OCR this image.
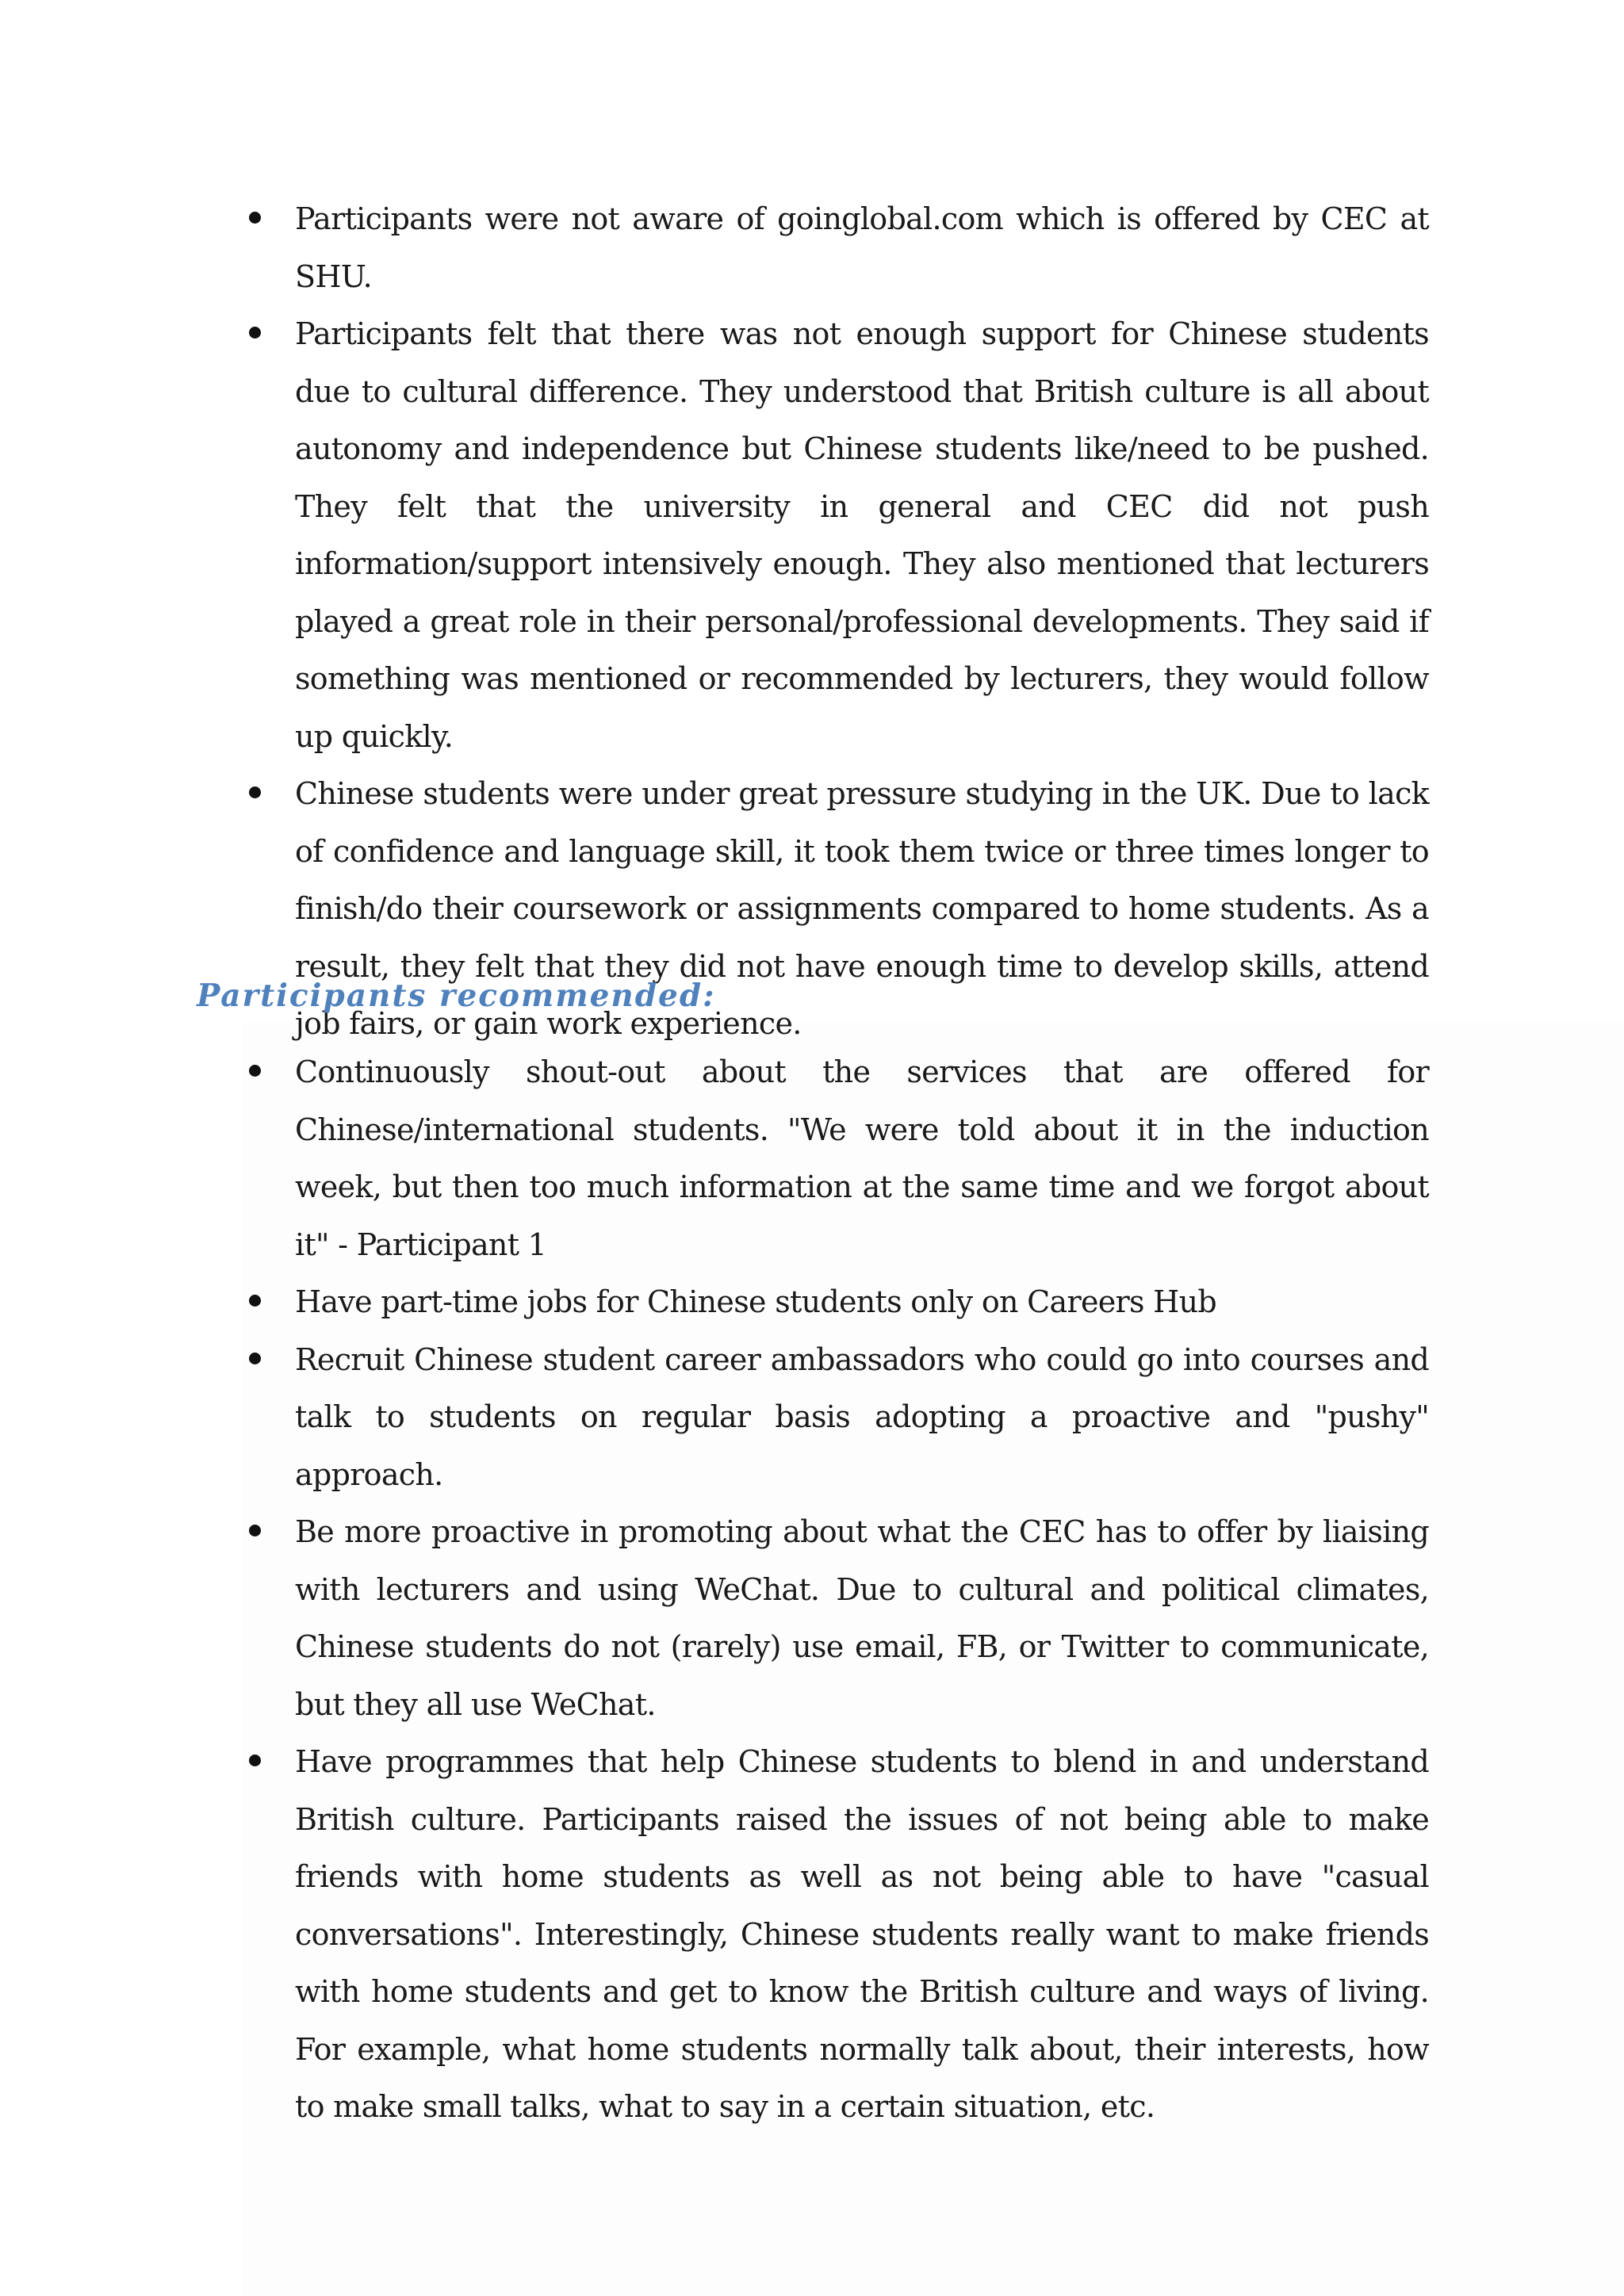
Participants were not aware of goinglobal.com which is offered by CEC at SHU.
Participants felt that there was not enough support for Chinese students due to cultural difference. They understood that British culture is all about autonomy and independence but Chinese students like/need to be pushed. They felt that the university in general and CEC did not push information/support intensively enough. They also mentioned that lecturers played a great role in their personal/professional developments. They said if something was mentioned or recommended by lecturers, they would follow up quickly.
Chinese students were under great pressure studying in the UK. Due to lack of confidence and language skill, it took them twice or three times longer to finish/do their coursework or assignments compared to home students. As a result, they felt that they did not have enough time to develop skills, attend job fairs, or gain work experience.
Participants recommended:
Continuously shout-out about the services that are offered for Chinese/international students. "We were told about it in the induction week, but then too much information at the same time and we forgot about it" - Participant 1
Have part-time jobs for Chinese students only on Careers Hub
Recruit Chinese student career ambassadors who could go into courses and talk to students on regular basis adopting a proactive and "pushy" approach.
Be more proactive in promoting about what the CEC has to offer by liaising with lecturers and using WeChat. Due to cultural and political climates, Chinese students do not (rarely) use email, FB, or Twitter to communicate, but they all use WeChat.
Have programmes that help Chinese students to blend in and understand British culture. Participants raised the issues of not being able to make friends with home students as well as not being able to have "casual conversations". Interestingly, Chinese students really want to make friends with home students and get to know the British culture and ways of living. For example, what home students normally talk about, their interests, how to make small talks, what to say in a certain situation, etc.
